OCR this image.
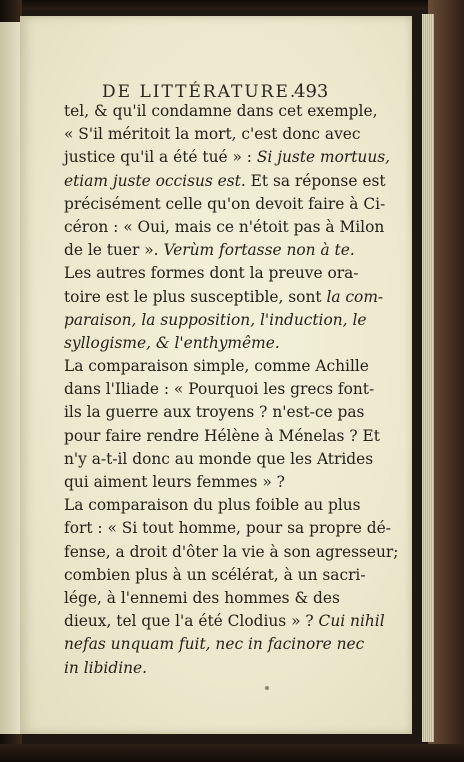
DE LITTÉRATURE.
493
tel, & qu'il condamne dans cet exemple,
« S'il méritoit la mort, c'est donc avec
justice qu'il a été tué » : Si juste mortuus,
etiam juste occisus est. Et sa réponse est
précisément celle qu'on devoit faire à Ci-
céron : « Oui, mais ce n'étoit pas à Milon
de le tuer ». Verùm fortasse non à te.
Les autres formes dont la preuve ora-
toire est le plus susceptible, sont la com-
paraison, la supposition, l'induction, le
syllogisme, & l'enthymême.
La comparaison simple, comme Achille
dans l'Iliade : « Pourquoi les grecs font-
ils la guerre aux troyens ? n'est-ce pas
pour faire rendre Hélène à Ménelas ? Et
n'y a-t-il donc au monde que les Atrides
qui aiment leurs femmes » ?
La comparaison du plus foible au plus
fort : « Si tout homme, pour sa propre dé-
fense, a droit d'ôter la vie à son agresseur;
combien plus à un scélérat, à un sacri-
lége, à l'ennemi des hommes & des
dieux, tel que l'a été Clodius » ? Cui nihil
nefas unquam fuit, nec in facinore nec
in libidine.
